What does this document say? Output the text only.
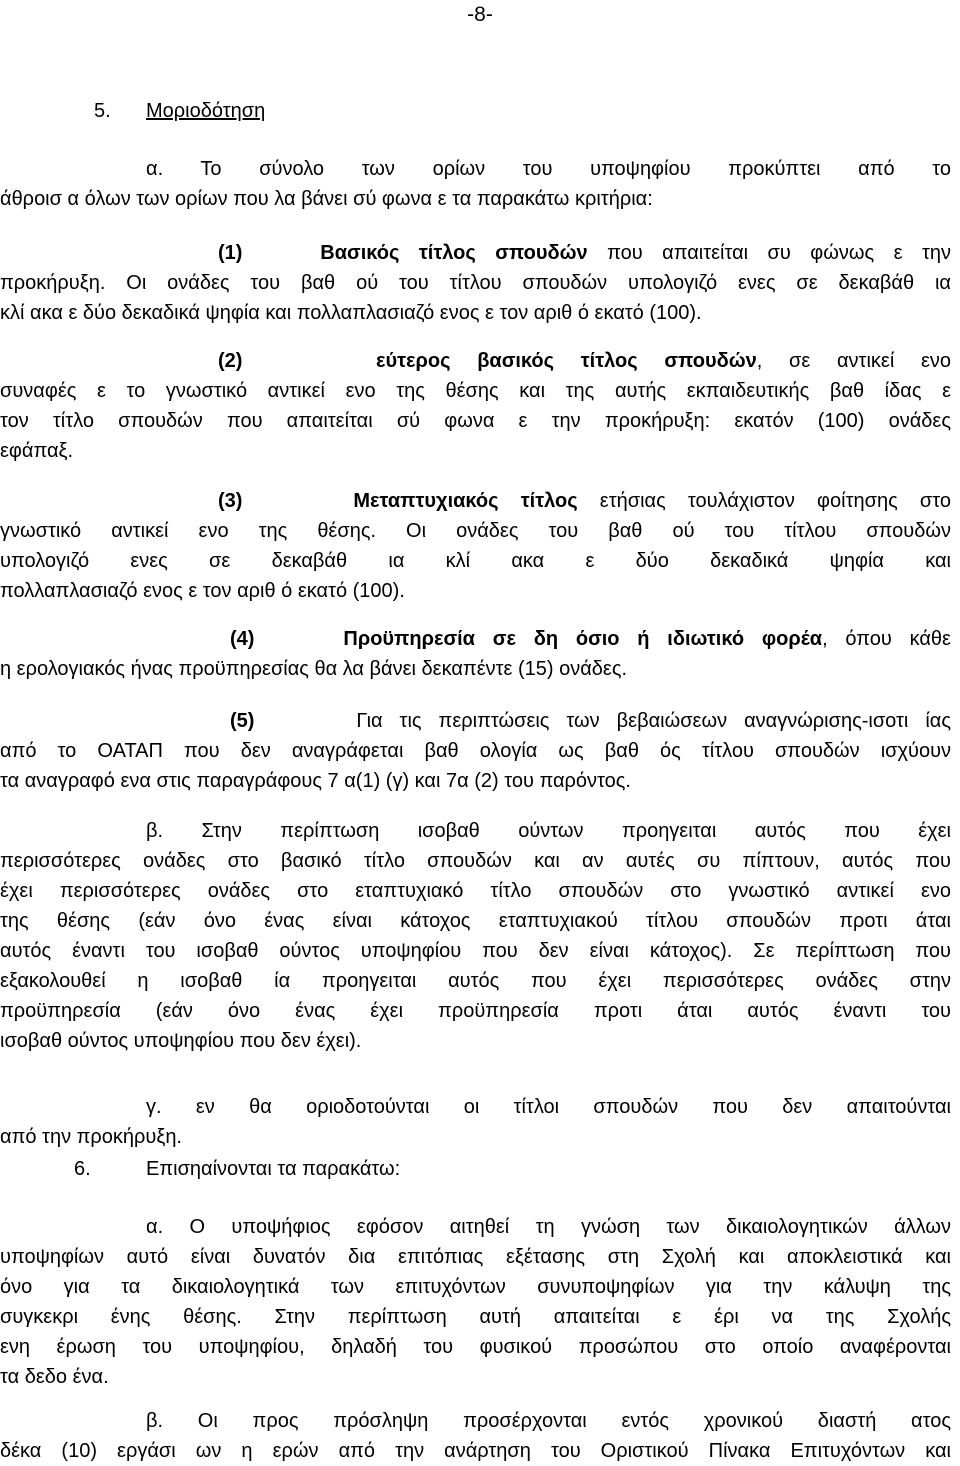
-8-
5. Μοριοδότηση
α. Το σύνολο των ορίων του υποψηφίου προκύπτει από το
άθροισ α όλων των ορίων που λα βάνει σύ φωνα ε τα παρακάτω κριτήρια:
(1)	Βασικός τίτλος σπουδών που απαιτείται συ φώνως ε την
προκήρυξη. Οι ονάδες του βαθ ού του τίτλου σπουδών υπολογιζό ενες σε δεκαβάθ ια
κλί ακα ε δύο δεκαδικά ψηφία και πολλαπλασιαζό ενος ε τον αριθ ό εκατό (100).
(2)	εύτερος βασικός τίτλος σπουδών, σε αντικεί ενο
συναφές ε το γνωστικό αντικεί ενο της θέσης και της αυτής εκπαιδευτικής βαθ ίδας ε
τον τίτλο σπουδών που απαιτείται σύ φωνα ε την προκήρυξη: εκατόν (100) ονάδες
εφάπαξ.
(3)	Μεταπτυχιακός τίτλος ετήσιας τουλάχιστον φοίτησης στο
γνωστικό αντικεί ενο της θέσης. Οι ονάδες του βαθ ού του τίτλου σπουδών
υπολογιζό ενες σε δεκαβάθ ια κλί ακα ε δύο δεκαδικά ψηφία και
πολλαπλασιαζό ενος ε τον αριθ ό εκατό (100).
(4)	Προϋπηρεσία σε δη όσιο ή ιδιωτικό φορέα, όπου κάθε
η ερολογιακός ήνας προϋπηρεσίας θα λα βάνει δεκαπέντε (15) ονάδες.
(5)	Για τις περιπτώσεις των βεβαιώσεων αναγνώρισης-ισοτι ίας
από το ΟΑΤΑΠ που δεν αναγράφεται βαθ ολογία ως βαθ ός τίτλου σπουδών ισχύουν
τα αναγραφό ενα στις παραγράφους 7 α(1) (γ) και 7α (2) του παρόντος.
β. Στην περίπτωση ισοβαθ ούντων προηγειται αυτός που έχει
περισσότερες ονάδες στο βασικό τίτλο σπουδών και αν αυτές συ πίπτουν, αυτός που
έχει περισσότερες ονάδες στο εταπτυχιακό τίτλο σπουδών στο γνωστικό αντικεί ενο
της θέσης (εάν όνο ένας είναι κάτοχος εταπτυχιακού τίτλου σπουδών προτι άται
αυτός έναντι του ισοβαθ ούντος υποψηφίου που δεν είναι κάτοχος). Σε περίπτωση που
εξακολουθεί η ισοβαθ ία προηγειται αυτός που έχει περισσότερες ονάδες στην
προϋπηρεσία (εάν όνο ένας έχει προϋπηρεσία προτι άται αυτός έναντι του
ισοβαθ ούντος υποψηφίου που δεν έχει).
γ. εν θα οριοδοτούνται οι τίτλοι σπουδών που δεν απαιτούνται
από την προκήρυξη.
6.	Επισηαίνονται τα παρακάτω:
α. Ο υποψήφιος εφόσον αιτηθεί τη γνώση των δικαιολογητικών άλλων
υποψηφίων αυτό είναι δυνατόν δια επιτόπιας εξέτασης στη Σχολή και αποκλειστικά και
όνο για τα δικαιολογητικά των επιτυχόντων συνυποψηφίων για την κάλυψη της
συγκεκρι ένης θέσης. Στην περίπτωση αυτή απαιτείται ε έρι να της Σχολής
ενη έρωση του υποψηφίου, δηλαδή του φυσικού προσώπου στο οποίο αναφέρονται
τα δεδο ένα.
β. Οι προς πρόσληψη προσέρχονται εντός χρονικού διαστή ατος
δέκα (10) εργάσι ων η ερών από την ανάρτηση του Οριστικού Πίνακα Επιτυχόντων και
